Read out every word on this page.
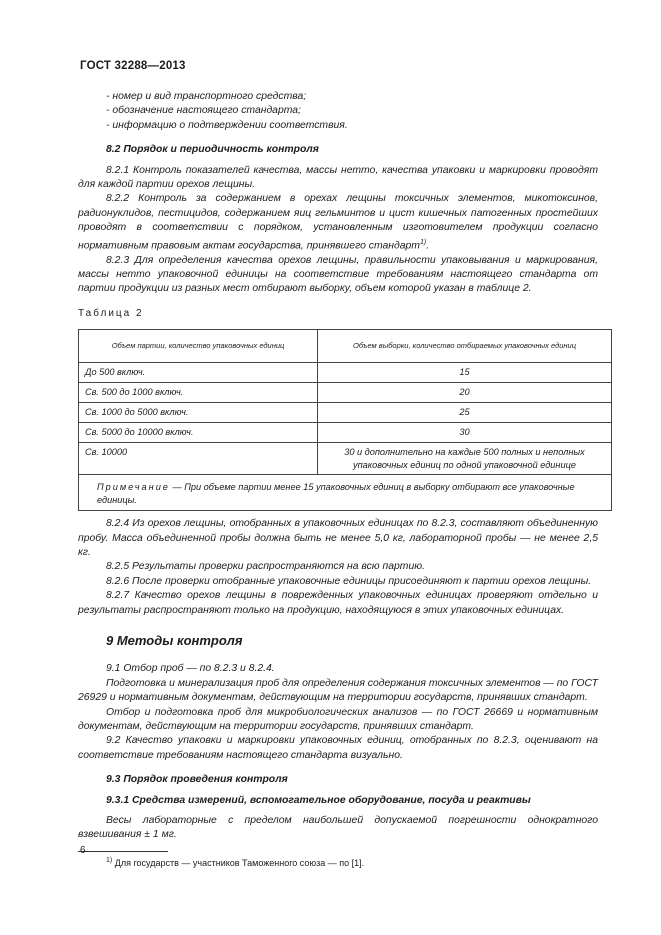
ГОСТ 32288—2013

- номер и вид транспортного средства;

- обозначение настоящего стандарта;

- информацию о подтверждении соответствия.

8.2 Порядок и периодичность контроля

8.2.1 Контроль показателей качества, массы нетто, качества упаковки и маркировки проводят для каждой партии орехов лещины.

8.2.2 Контроль за содержанием в орехах лещины токсичных элементов, микотоксинов, радионуклидов, пестицидов, содержанием яиц гельминтов и цист кишечных патогенных простейших проводят в соответствии с порядком, установленным изготовителем продукции согласно нормативным правовым актам государства, принявшего стандарт$^{1)}$.

8.2.3 Для определения качества орехов лещины, правильности упаковывания и маркирования, массы нетто упаковочной единицы на соответствие требованиям настоящего стандарта от партии продукции из разных мест отбирают выборку, объем которой указан в таблице 2.

Таблица 2

Объем партии, количество упаковочных единиц	Объем выборки, количество отбираемых упаковочных единиц
До 500 включ.	15
Св. 500 до 1000 включ.	20
Св. 1000 до 5000 включ.	25
Св. 5000 до 10000 включ.	30
Св. 10000	30 и дополнительно на каждые 500 полных и неполных упаковочных единиц по одной упаковочной единице
Примечание — При объеме партии менее 15 упаковочных единиц в выборку отбирают все упаковочные единицы.	

8.2.4 Из орехов лещины, отобранных в упаковочных единицах по 8.2.3, составляют объединенную пробу. Масса объединенной пробы должна быть не менее 5,0 кг, лабораторной пробы — не менее 2,5 кг.

8.2.5 Результаты проверки распространяются на всю партию.

8.2.6 После проверки отобранные упаковочные единицы присоединяют к партии орехов лещины.

8.2.7 Качество орехов лещины в поврежденных упаковочных единицах проверяют отдельно и результаты распространяют только на продукцию, находящуюся в этих упаковочных единицах.

9 Методы контроля

9.1 Отбор проб — по 8.2.3 и 8.2.4.

Подготовка и минерализация проб для определения содержания токсичных элементов — по ГОСТ 26929 и нормативным документам, действующим на территории государств, принявших стандарт.

Отбор и подготовка проб для микробиологических анализов — по ГОСТ 26669 и нормативным документам, действующим на территории государств, принявших стандарт.

9.2 Качество упаковки и маркировки упаковочных единиц, отобранных по 8.2.3, оценивают на соответствие требованиям настоящего стандарта визуально.

9.3 Порядок проведения контроля

9.3.1 Средства измерений, вспомогательное оборудование, посуда и реактивы

Весы лабораторные с пределом наибольшей допускаемой погрешности однократного взвешивания ± 1 мг.

$^{1)}$ Для государств — участников Таможенного союза — по [1].

6
